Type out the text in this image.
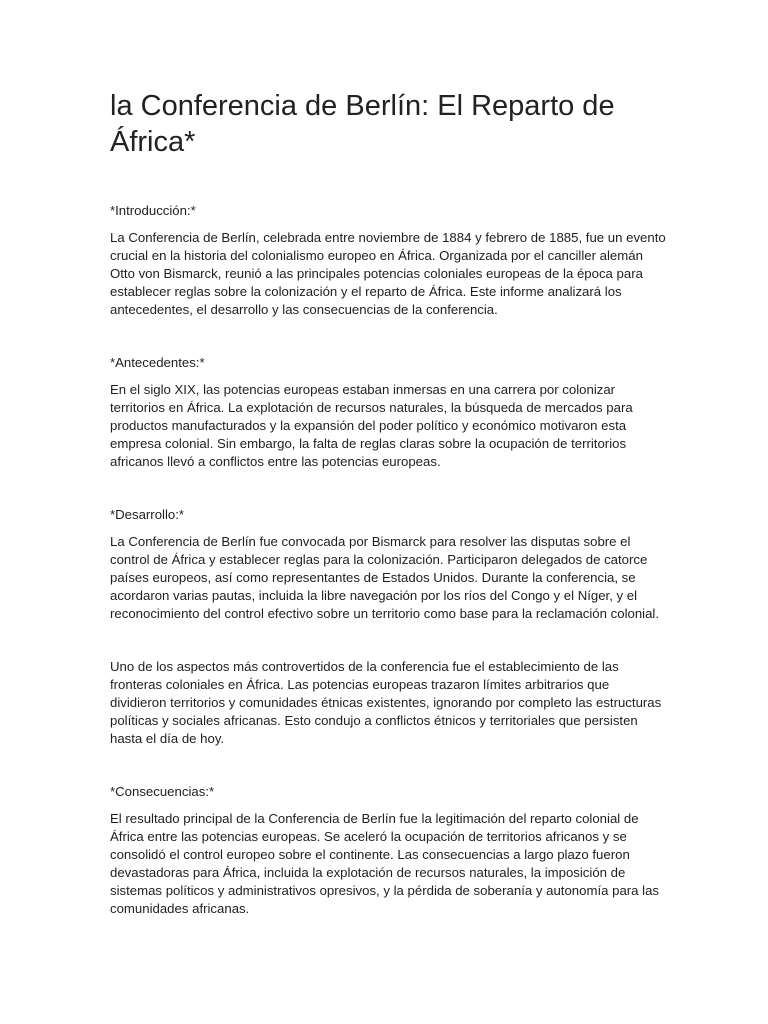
la Conferencia de Berlín: El Reparto de África*
*Introducción:*

La Conferencia de Berlín, celebrada entre noviembre de 1884 y febrero de 1885, fue un evento crucial en la historia del colonialismo europeo en África. Organizada por el canciller alemán Otto von Bismarck, reunió a las principales potencias coloniales europeas de la época para establecer reglas sobre la colonización y el reparto de África. Este informe analizará los antecedentes, el desarrollo y las consecuencias de la conferencia.

*Antecedentes:*

En el siglo XIX, las potencias europeas estaban inmersas en una carrera por colonizar territorios en África. La explotación de recursos naturales, la búsqueda de mercados para productos manufacturados y la expansión del poder político y económico motivaron esta empresa colonial. Sin embargo, la falta de reglas claras sobre la ocupación de territorios africanos llevó a conflictos entre las potencias europeas.

*Desarrollo:*

La Conferencia de Berlín fue convocada por Bismarck para resolver las disputas sobre el control de África y establecer reglas para la colonización. Participaron delegados de catorce países europeos, así como representantes de Estados Unidos. Durante la conferencia, se acordaron varias pautas, incluida la libre navegación por los ríos del Congo y el Níger, y el reconocimiento del control efectivo sobre un territorio como base para la reclamación colonial.

Uno de los aspectos más controvertidos de la conferencia fue el establecimiento de las fronteras coloniales en África. Las potencias europeas trazaron límites arbitrarios que dividieron territorios y comunidades étnicas existentes, ignorando por completo las estructuras políticas y sociales africanas. Esto condujo a conflictos étnicos y territoriales que persisten hasta el día de hoy.

*Consecuencias:*

El resultado principal de la Conferencia de Berlín fue la legitimación del reparto colonial de África entre las potencias europeas. Se aceleró la ocupación de territorios africanos y se consolidó el control europeo sobre el continente. Las consecuencias a largo plazo fueron devastadoras para África, incluida la explotación de recursos naturales, la imposición de sistemas políticos y administrativos opresivos, y la pérdida de soberanía y autonomía para las comunidades africanas.
